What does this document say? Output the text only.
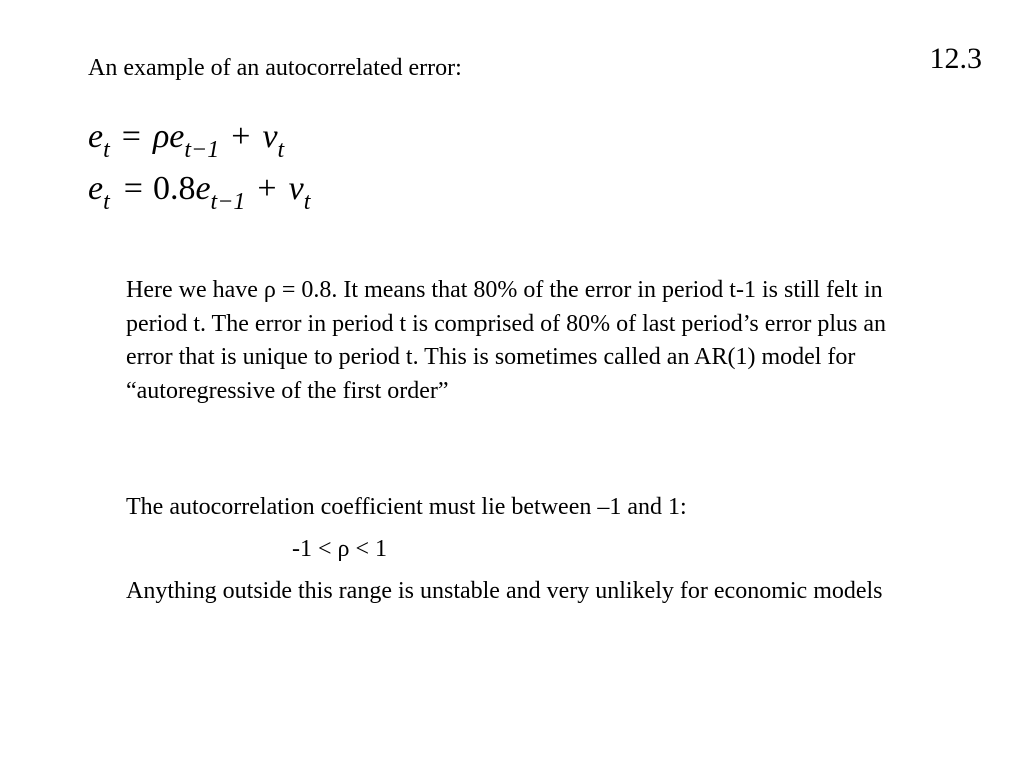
12.3
An example of an autocorrelated error:
$e_t = \rho e_{t-1} + v_t$
$e_t = 0.8e_{t-1} + v_t$

Here we have ρ = 0.8. It means that 80% of the error in period t-1 is still felt in period t. The error in period t is comprised of 80% of last period’s error plus an error that is unique to period t. This is sometimes called an AR(1) model for “autoregressive of the first order”

The autocorrelation coefficient must lie between –1 and 1:

-1 < ρ < 1

Anything outside this range is unstable and very unlikely for economic models
